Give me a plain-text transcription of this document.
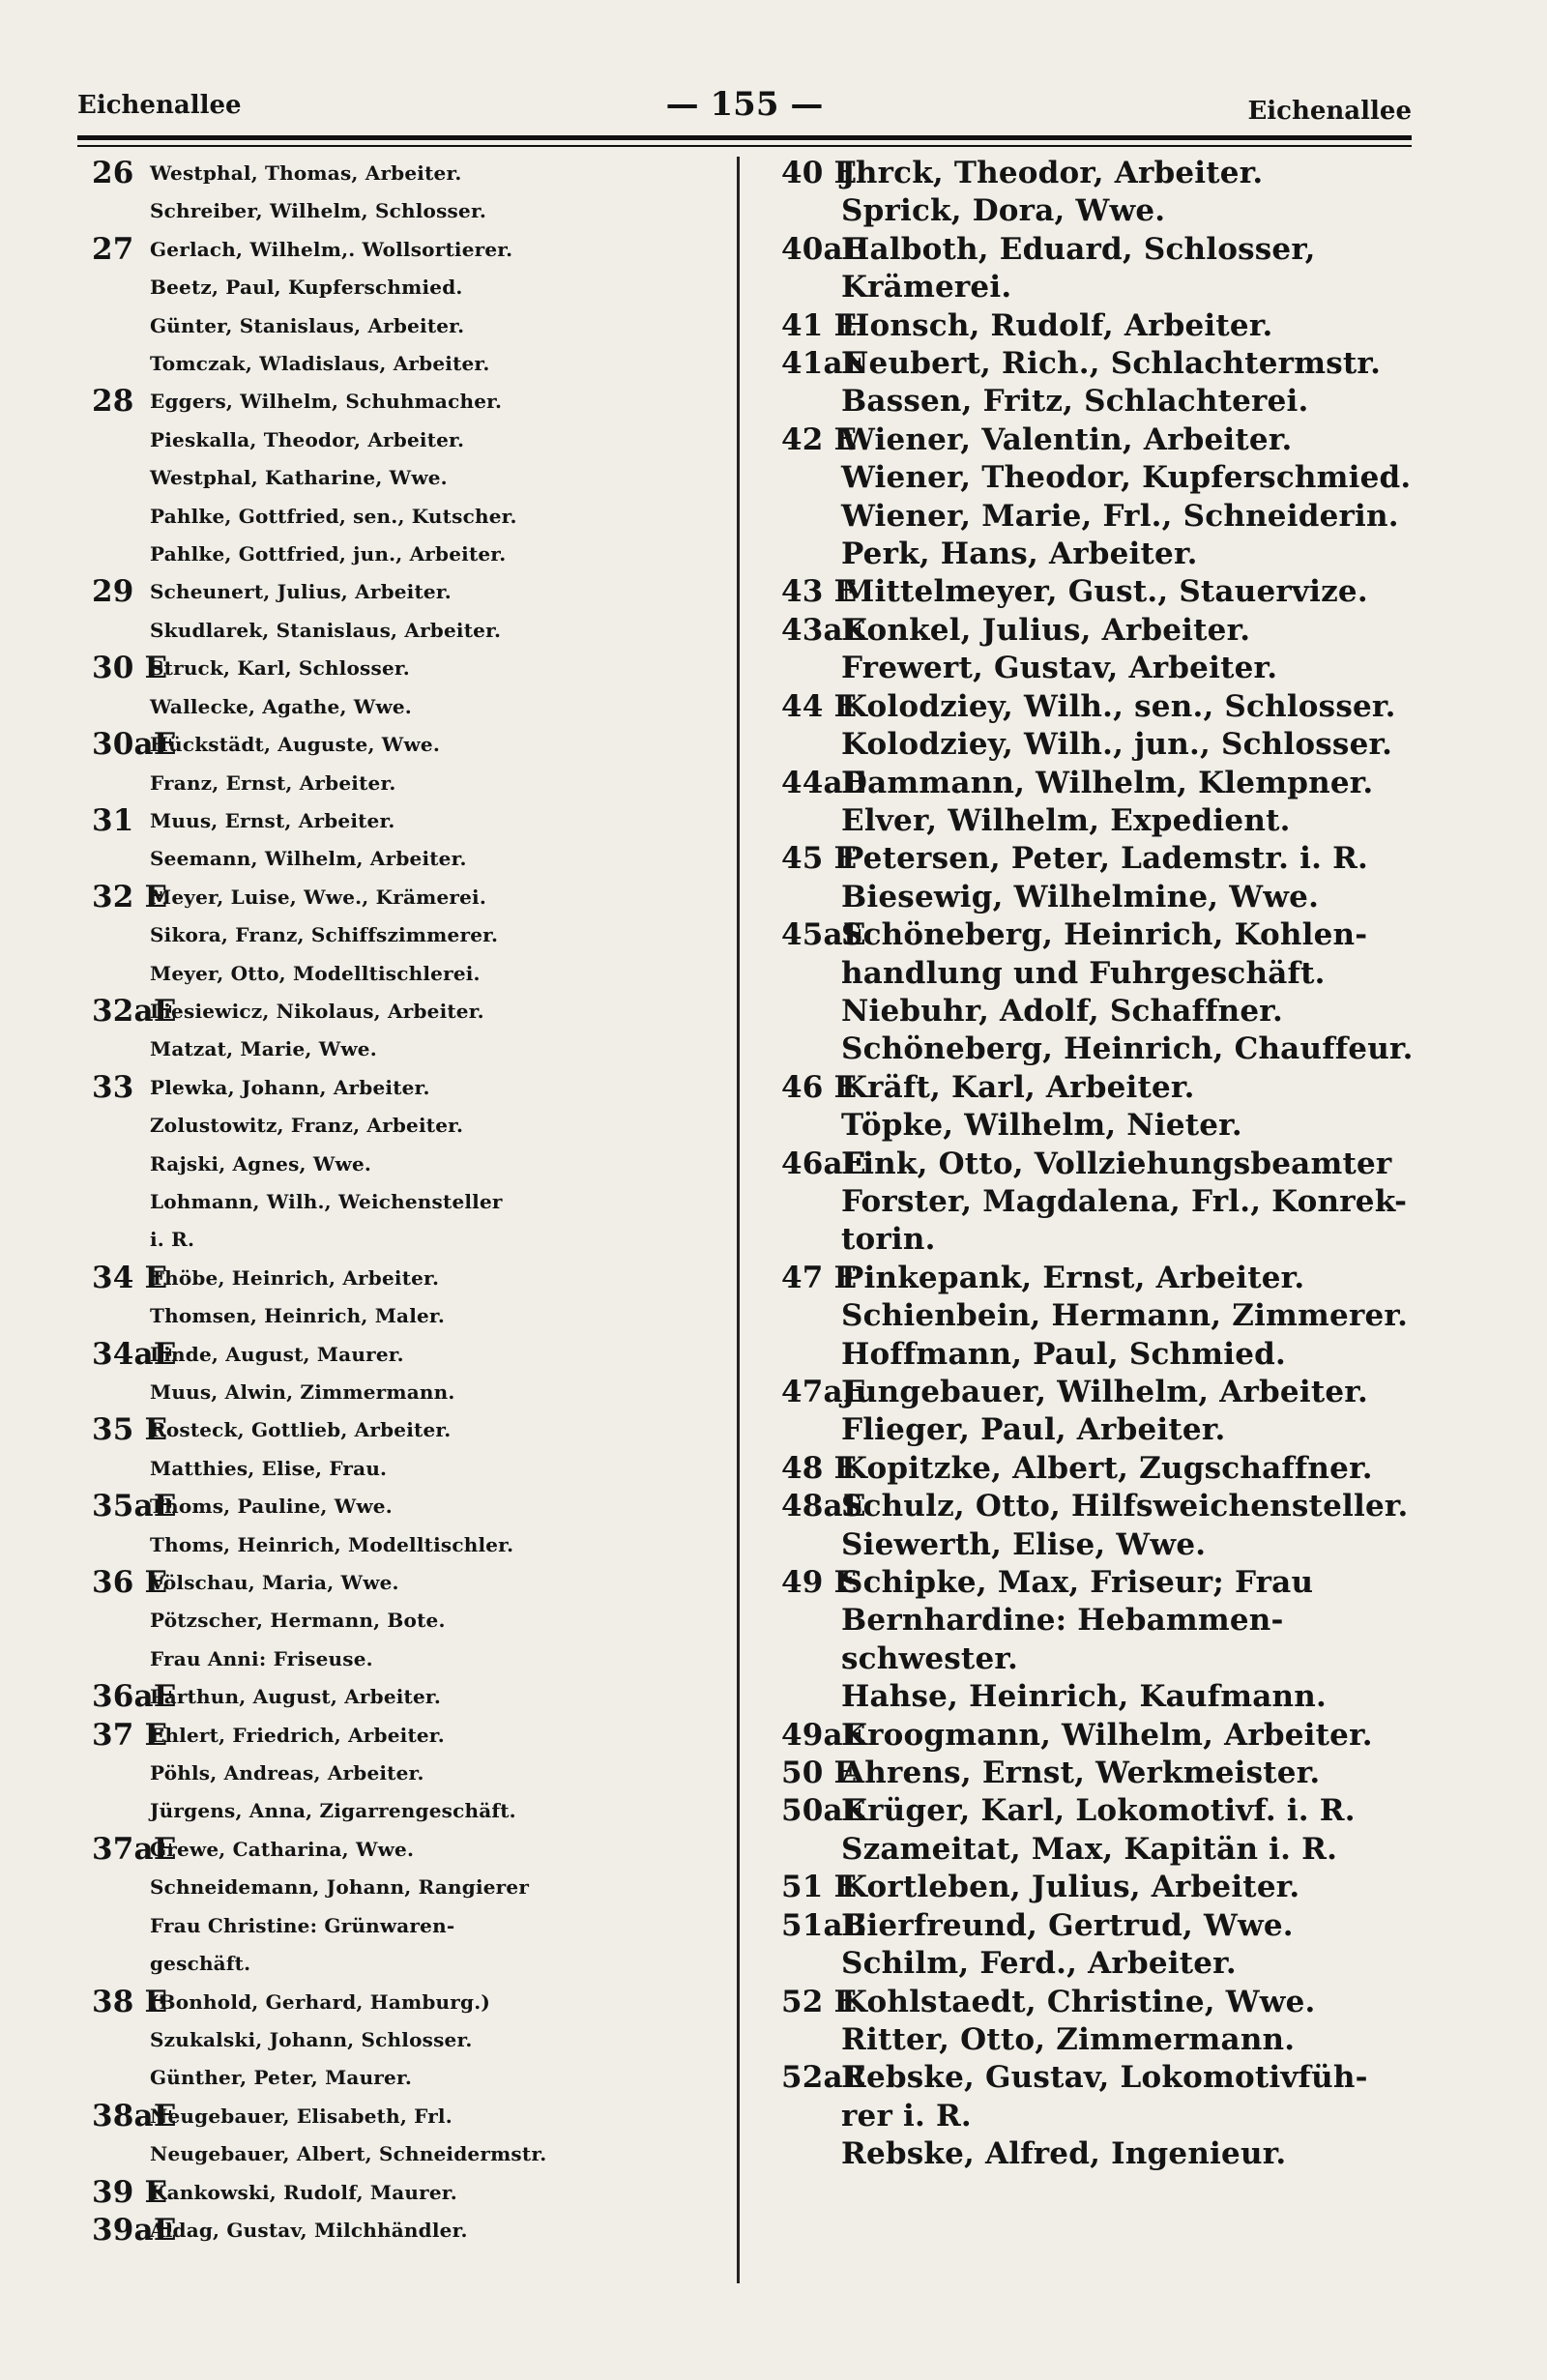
Eichenallee	— 155 —	Eichenallee
26 Westphal, Thomas, Arbeiter.
Schreiber, Wilhelm, Schlosser.
27 Gerlach, Wilhelm,. Wollsortierer.
Beetz, Paul, Kupferschmied.
Günter, Stanislaus, Arbeiter.
Tomczak, Wladislaus, Arbeiter.
28 Eggers, Wilhelm, Schuhmacher.
Pieskalla, Theodor, Arbeiter.
Westphal, Katharine, Wwe.
Pahlke, Gottfried, sen., Kutscher.
Pahlke, Gottfried, jun., Arbeiter.
29 Scheunert, Julius, Arbeiter.
Skudlarek, Stanislaus, Arbeiter.
30 E
Struck, Karl, Schlosser.
Wallecke, Agathe, Wwe.
30aE
Hückstädt, Auguste, Wwe.
Franz, Ernst, Arbeiter.
31 Muus, Ernst, Arbeiter.
Seemann, Wilhelm, Arbeiter.
32 E
Meyer, Luise, Wwe., Krämerei.
Sikora, Franz, Schiffszimmerer.
Meyer, Otto, Modelltischlerei.
32aE
Liesiewicz, Nikolaus, Arbeiter.
Matzat, Marie, Wwe.
33 Plewka, Johann, Arbeiter.
Zolustowitz, Franz, Arbeiter.
Rajski, Agnes, Wwe.
Lohmann, Wilh., Weichensteller
i. R.
34 E
Thöbe, Heinrich, Arbeiter.
Thomsen, Heinrich, Maler.
34aE
Linde, August, Maurer.
Muus, Alwin, Zimmermann.
35 E
Rosteck, Gottlieb, Arbeiter.
Matthies, Elise, Frau.
35aE
Thoms, Pauline, Wwe.
Thoms, Heinrich, Modelltischler.
36 E
Völschau, Maria, Wwe.
Pötzscher, Hermann, Bote.
Frau Anni: Friseuse.
36aE
Parthun, August, Arbeiter.
37 E
Ehlert, Friedrich, Arbeiter.
Pöhls, Andreas, Arbeiter.
Jürgens, Anna, Zigarrengeschäft.
37aE
Grewe, Catharina, Wwe.
Schneidemann, Johann, Rangierer
Frau Christine: Grünwaren-
geschäft.
38 E
(Bonhold, Gerhard, Hamburg.)
Szukalski, Johann, Schlosser.
Günther, Peter, Maurer.
38aE
Neugebauer, Elisabeth, Frl.
Neugebauer, Albert, Schneidermstr.
39 E
Kankowski, Rudolf, Maurer.
39aE
Aldag, Gustav, Milchhändler.
40 E
Jhrck, Theodor, Arbeiter.
Sprick, Dora, Wwe.
40aE
Halboth, Eduard, Schlosser,
Krämerei.
41 E
Honsch, Rudolf, Arbeiter.
41aE
Neubert, Rich., Schlachtermstr.
Bassen, Fritz, Schlachterei.
42 E
Wiener, Valentin, Arbeiter.
Wiener, Theodor, Kupferschmied.
Wiener, Marie, Frl., Schneiderin.
Perk, Hans, Arbeiter.
43 E
Mittelmeyer, Gust., Stauervize.
43aE
Konkel, Julius, Arbeiter.
Frewert, Gustav, Arbeiter.
44 E
Kolodziey, Wilh., sen., Schlosser.
Kolodziey, Wilh., jun., Schlosser.
44aE
Dammann, Wilhelm, Klempner.
Elver, Wilhelm, Expedient.
45 E
Petersen, Peter, Lademstr. i. R.
Biesewig, Wilhelmine, Wwe.
45aE
Schöneberg, Heinrich, Kohlen-
handlung und Fuhrgeschäft.
Niebuhr, Adolf, Schaffner.
Schöneberg, Heinrich, Chauffeur.
46 E
Kräft, Karl, Arbeiter.
Töpke, Wilhelm, Nieter.
46aE
Fink, Otto, Vollziehungsbeamter
Forster, Magdalena, Frl., Konrek-
torin.
47 E
Pinkepank, Ernst, Arbeiter.
Schienbein, Hermann, Zimmerer.
Hoffmann, Paul, Schmied.
47aE
Jungebauer, Wilhelm, Arbeiter.
Flieger, Paul, Arbeiter.
48 E
Kopitzke, Albert, Zugschaffner.
48aE
Schulz, Otto, Hilfsweichensteller.
Siewerth, Elise, Wwe.
49 E
Schipke, Max, Friseur; Frau
Bernhardine: Hebammen-
schwester.
Hahse, Heinrich, Kaufmann.
49aE
Kroogmann, Wilhelm, Arbeiter.
50 E
Ahrens, Ernst, Werkmeister.
50aE
Krüger, Karl, Lokomotivf. i. R.
Szameitat, Max, Kapitän i. R.
51 E
Kortleben, Julius, Arbeiter.
51aE
Bierfreund, Gertrud, Wwe.
Schilm, Ferd., Arbeiter.
52 E
Kohlstaedt, Christine, Wwe.
Ritter, Otto, Zimmermann.
52aE
Rebske, Gustav, Lokomotivfüh-
rer i. R.
Rebske, Alfred, Ingenieur.
